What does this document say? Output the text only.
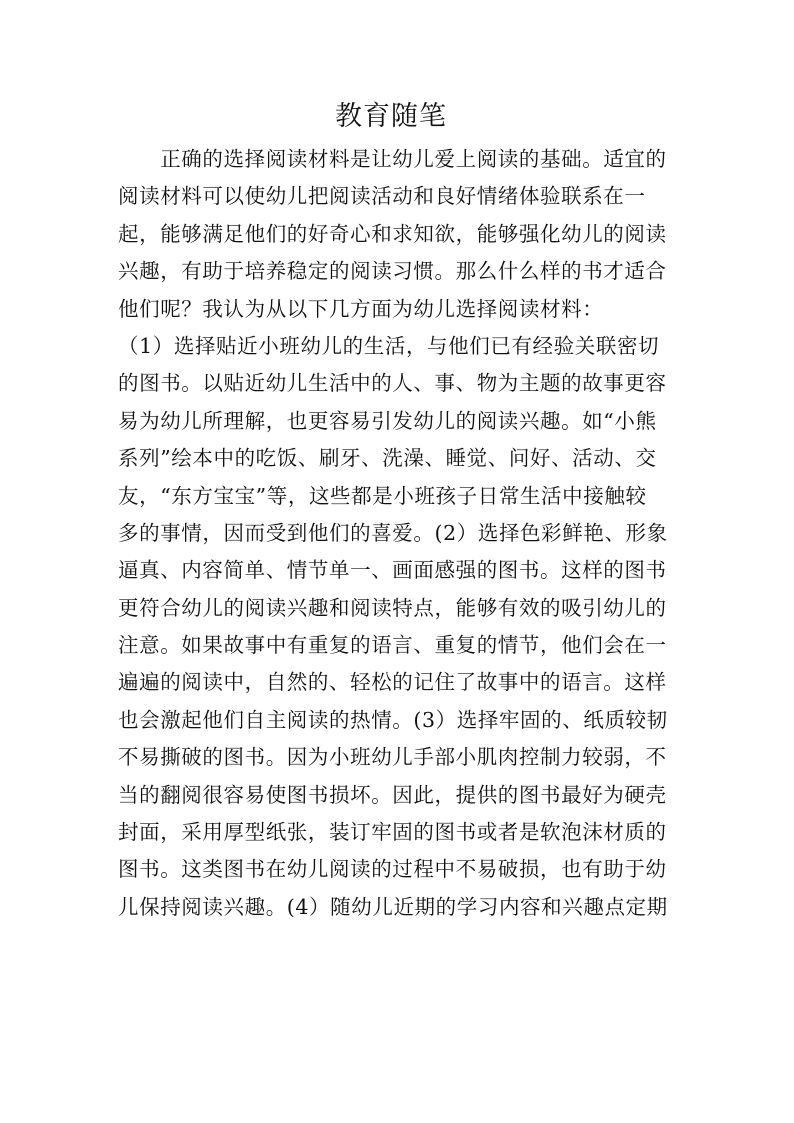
教育随笔
　　正确的选择阅读材料是让幼儿爱上阅读的基础。适宜的
阅读材料可以使幼儿把阅读活动和良好情绪体验联系在一
起，能够满足他们的好奇心和求知欲，能够强化幼儿的阅读
兴趣，有助于培养稳定的阅读习惯。那么什么样的书才适合
他们呢？我认为从以下几方面为幼儿选择阅读材料：
（1）选择贴近小班幼儿的生活，与他们已有经验关联密切
的图书。以贴近幼儿生活中的人、事、物为主题的故事更容
易为幼儿所理解，也更容易引发幼儿的阅读兴趣。如“小熊
系列”绘本中的吃饭、刷牙、洗澡、睡觉、问好、活动、交
友，“东方宝宝”等，这些都是小班孩子日常生活中接触较
多的事情，因而受到他们的喜爱。(2）选择色彩鲜艳、形象
逼真、内容简单、情节单一、画面感强的图书。这样的图书
更符合幼儿的阅读兴趣和阅读特点，能够有效的吸引幼儿的
注意。如果故事中有重复的语言、重复的情节，他们会在一
遍遍的阅读中，自然的、轻松的记住了故事中的语言。这样
也会激起他们自主阅读的热情。(3）选择牢固的、纸质较韧
不易撕破的图书。因为小班幼儿手部小肌肉控制力较弱，不
当的翻阅很容易使图书损坏。因此，提供的图书最好为硬壳
封面，采用厚型纸张，装订牢固的图书或者是软泡沫材质的
图书。这类图书在幼儿阅读的过程中不易破损，也有助于幼
儿保持阅读兴趣。(4）随幼儿近期的学习内容和兴趣点定期
